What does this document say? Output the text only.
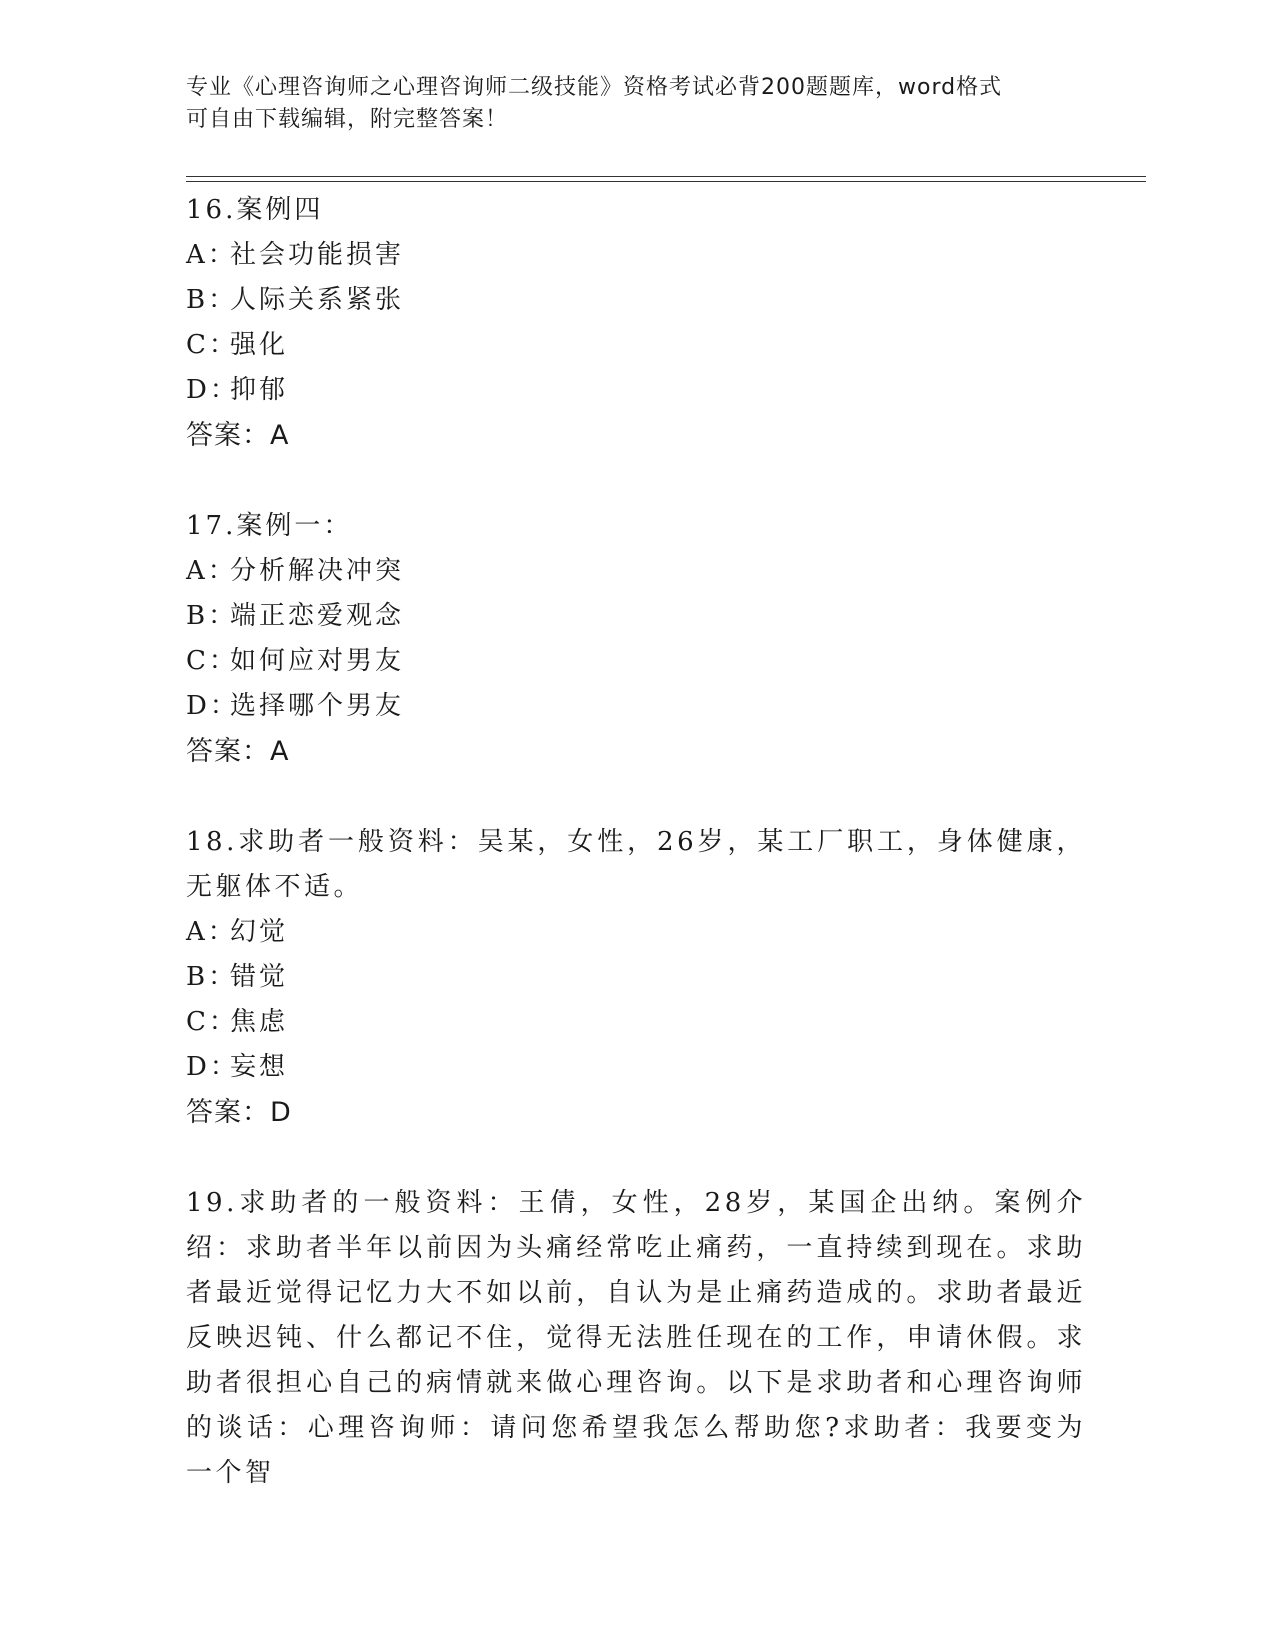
专业《心理咨询师之心理咨询师二级技能》资格考试必背200题题库，word格式
可自由下载编辑，附完整答案！
16.案例四
A：社会功能损害
B：人际关系紧张
C：强化
D：抑郁
答案：A
17.案例一：
A：分析解决冲突
B：端正恋爱观念
C：如何应对男友
D：选择哪个男友
答案：A
18.求助者一般资料：吴某，女性，26岁，某工厂职工，身体健康，无躯体不适。
A：幻觉
B：错觉
C：焦虑
D：妄想
答案：D
19.求助者的一般资料：王倩，女性，28岁，某国企出纳。案例介绍：求助者半年以前因为头痛经常吃止痛药，一直持续到现在。求助者最近觉得记忆力大不如以前，自认为是止痛药造成的。求助者最近反映迟钝、什么都记不住，觉得无法胜任现在的工作，申请休假。求助者很担心自己的病情就来做心理咨询。以下是求助者和心理咨询师的谈话：心理咨询师：请问您希望我怎么帮助您?求助者：我要变为一个智
